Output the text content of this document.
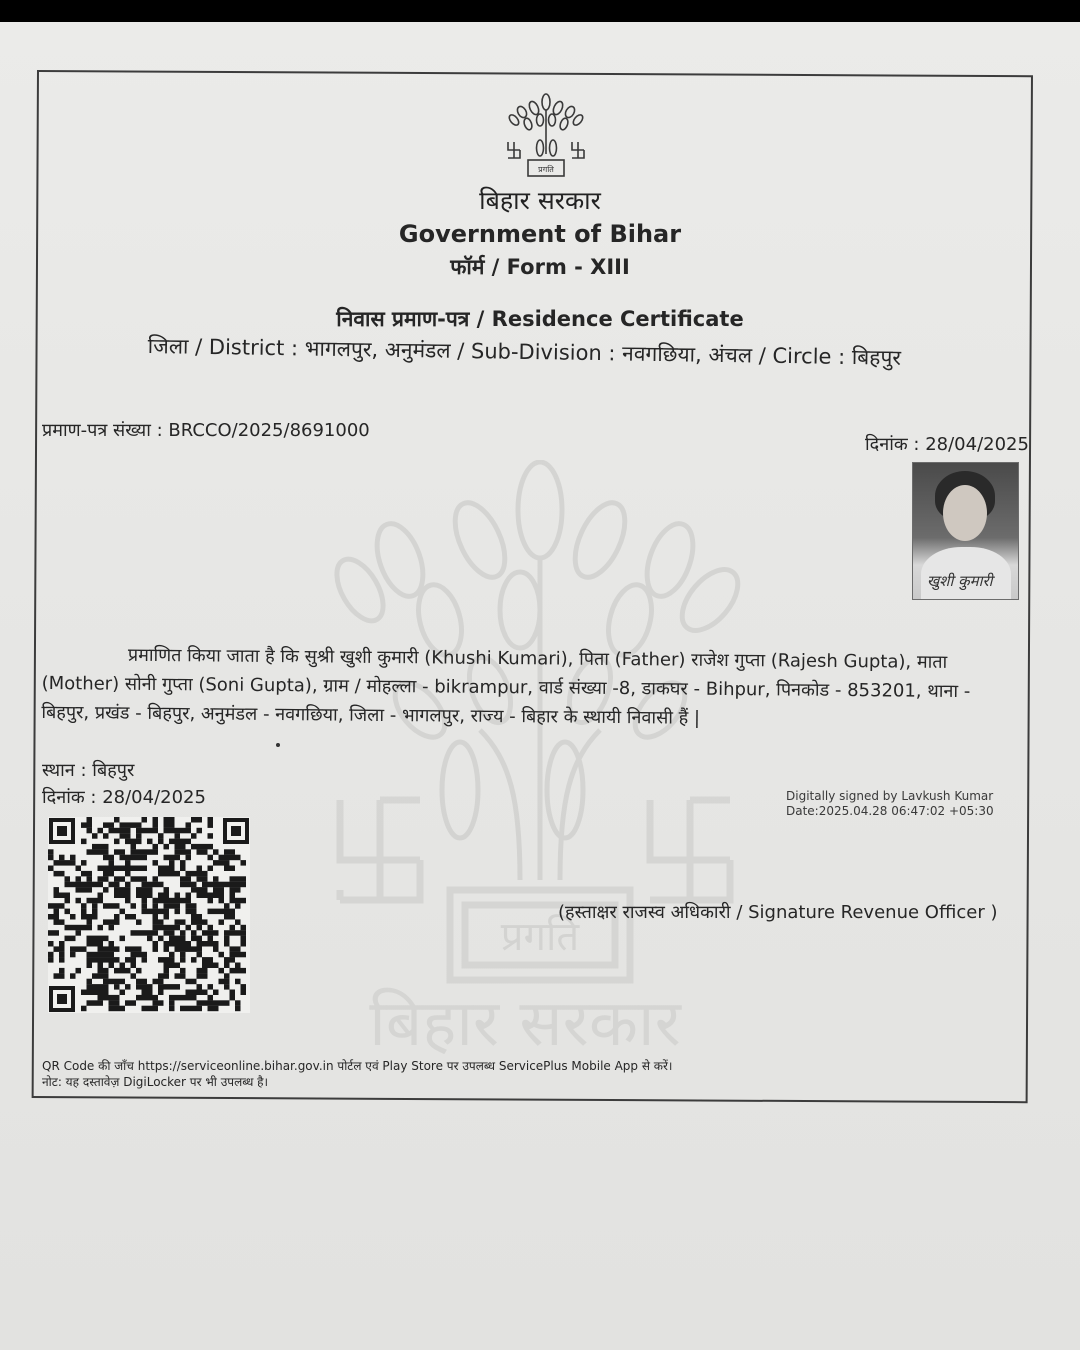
प्रगति
बिहार सरकार
प्रगति
बिहार सरकार
Government of Bihar
फॉर्म / Form - XIII
निवास प्रमाण-पत्र / Residence Certificate
जिला / District : भागलपुर, अनुमंडल / Sub-Division : नवगछिया, अंचल / Circle : बिहपुर
प्रमाण-पत्र संख्या : BRCCO/2025/8691000
दिनांक : 28/04/2025
खुशी कुमारी
प्रमाणित किया जाता है कि सुश्री खुशी कुमारी (Khushi Kumari), पिता (Father) राजेश गुप्ता (Rajesh Gupta), माता (Mother) सोनी गुप्ता (Soni Gupta), ग्राम / मोहल्ला - bikrampur, वार्ड संख्या -8, डाकघर - Bihpur, पिनकोड - 853201, थाना - बिहपुर, प्रखंड - बिहपुर, अनुमंडल - नवगछिया, जिला - भागलपुर, राज्य - बिहार के स्थायी निवासी हैं |
स्थान : बिहपुर
दिनांक : 28/04/2025	Digitally signed by Lavkush Kumar
Date:2025.04.28 06:47:02 +05:30
(हस्ताक्षर राजस्व अधिकारी / Signature Revenue Officer )
QR Code की जाँच https://serviceonline.bihar.gov.in पोर्टल एवं Play Store पर उपलब्ध ServicePlus Mobile App से करें।
नोट: यह दस्तावेज़ DigiLocker पर भी उपलब्ध है।
